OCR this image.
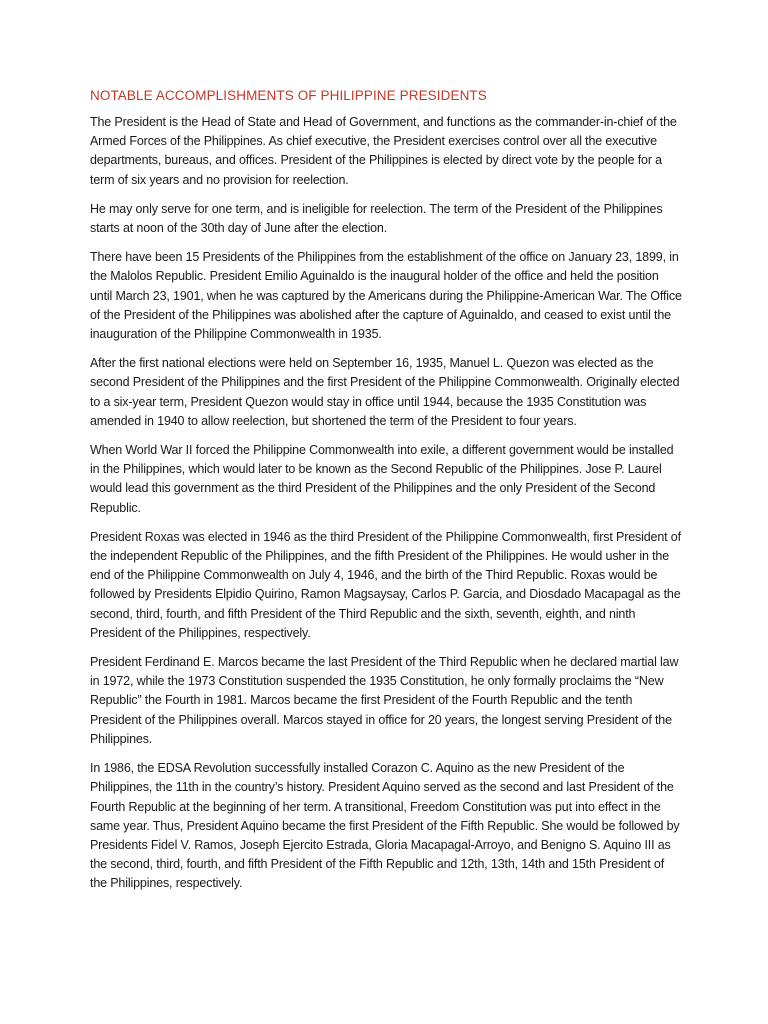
NOTABLE ACCOMPLISHMENTS OF PHILIPPINE PRESIDENTS

The President is the Head of State and Head of Government, and functions as the commander-in-chief of the Armed Forces of the Philippines. As chief executive, the President exercises control over all the executive departments, bureaus, and offices. President of the Philippines is elected by direct vote by the people for a term of six years and no provision for reelection.

He may only serve for one term, and is ineligible for reelection. The term of the President of the Philippines starts at noon of the 30th day of June after the election.

There have been 15 Presidents of the Philippines from the establishment of the office on January 23, 1899, in the Malolos Republic. President Emilio Aguinaldo is the inaugural holder of the office and held the position until March 23, 1901, when he was captured by the Americans during the Philippine-American War. The Office of the President of the Philippines was abolished after the capture of Aguinaldo, and ceased to exist until the inauguration of the Philippine Commonwealth in 1935.

After the first national elections were held on September 16, 1935, Manuel L. Quezon was elected as the second President of the Philippines and the first President of the Philippine Commonwealth. Originally elected to a six-year term, President Quezon would stay in office until 1944, because the 1935 Constitution was amended in 1940 to allow reelection, but shortened the term of the President to four years.

When World War II forced the Philippine Commonwealth into exile, a different government would be installed in the Philippines, which would later to be known as the Second Republic of the Philippines. Jose P. Laurel would lead this government as the third President of the Philippines and the only President of the Second Republic.

President Roxas was elected in 1946 as the third President of the Philippine Commonwealth, first President of the independent Republic of the Philippines, and the fifth President of the Philippines. He would usher in the end of the Philippine Commonwealth on July 4, 1946, and the birth of the Third Republic. Roxas would be followed by Presidents Elpidio Quirino, Ramon Magsaysay, Carlos P. Garcia, and Diosdado Macapagal as the second, third, fourth, and fifth President of the Third Republic and the sixth, seventh, eighth, and ninth President of the Philippines, respectively.

President Ferdinand E. Marcos became the last President of the Third Republic when he declared martial law in 1972, while the 1973 Constitution suspended the 1935 Constitution, he only formally proclaims the “New Republic” the Fourth in 1981. Marcos became the first President of the Fourth Republic and the tenth President of the Philippines overall. Marcos stayed in office for 20 years, the longest serving President of the Philippines.

In 1986, the EDSA Revolution successfully installed Corazon C. Aquino as the new President of the Philippines, the 11th in the country’s history. President Aquino served as the second and last President of the Fourth Republic at the beginning of her term. A transitional, Freedom Constitution was put into effect in the same year. Thus, President Aquino became the first President of the Fifth Republic. She would be followed by Presidents Fidel V. Ramos, Joseph Ejercito Estrada, Gloria Macapagal-Arroyo, and Benigno S. Aquino III as the second, third, fourth, and fifth President of the Fifth Republic and 12th, 13th, 14th and 15th President of the Philippines, respectively.
